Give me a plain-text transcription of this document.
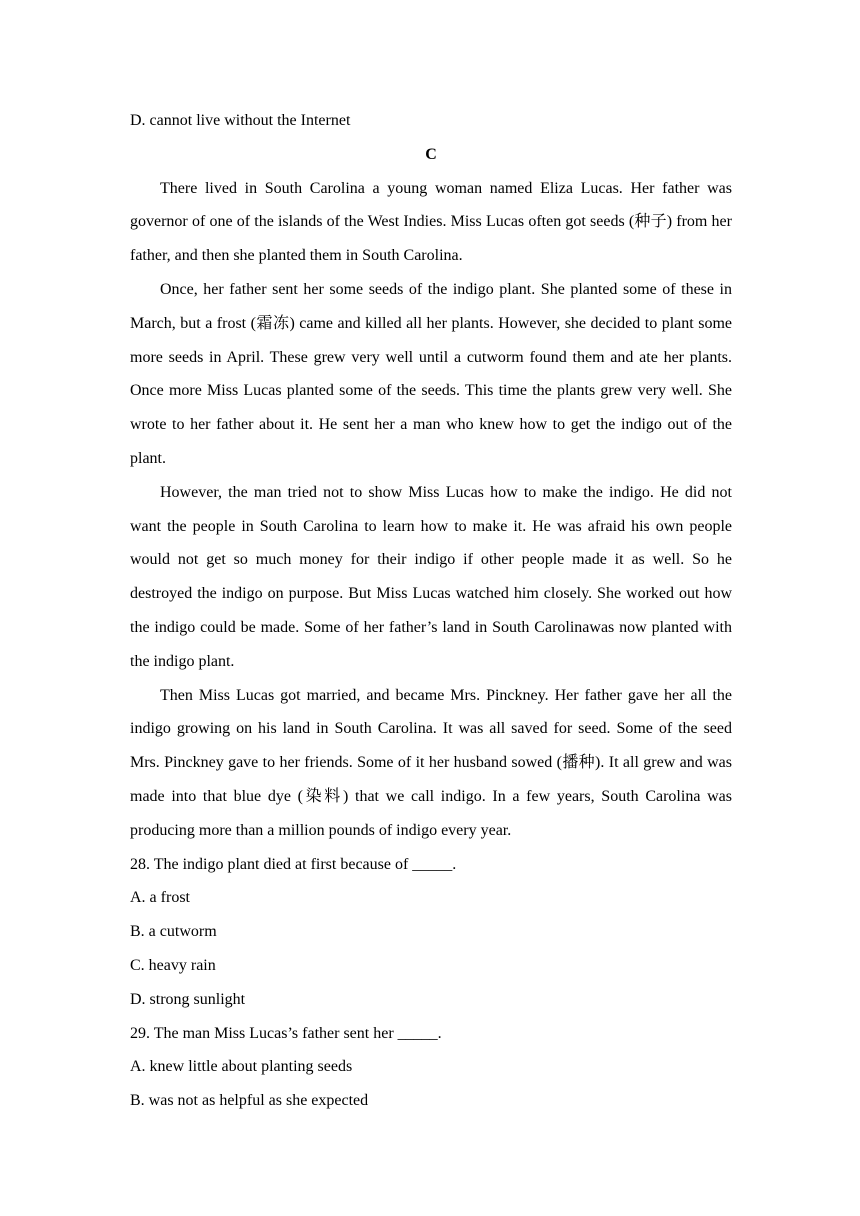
D. cannot live without the Internet

C

There lived in South Carolina a young woman named Eliza Lucas. Her father was governor of one of the islands of the West Indies. Miss Lucas often got seeds (种子) from her father, and then she planted them in South Carolina.

Once, her father sent her some seeds of the indigo plant. She planted some of these in March, but a frost (霜冻) came and killed all her plants. However, she decided to plant some more seeds in April. These grew very well until a cutworm found them and ate her plants. Once more Miss Lucas planted some of the seeds. This time the plants grew very well. She wrote to her father about it. He sent her a man who knew how to get the indigo out of the plant.

However, the man tried not to show Miss Lucas how to make the indigo. He did not want the people in South Carolina to learn how to make it. He was afraid his own people would not get so much money for their indigo if other people made it as well. So he destroyed the indigo on purpose. But Miss Lucas watched him closely. She worked out how the indigo could be made. Some of her father’s land in South Carolinawas now planted with the indigo plant.

Then Miss Lucas got married, and became Mrs. Pinckney. Her father gave her all the indigo growing on his land in South Carolina. It was all saved for seed. Some of the seed Mrs. Pinckney gave to her friends. Some of it her husband sowed (播种). It all grew and was made into that blue dye (染料) that we call indigo. In a few years, South Carolina was producing more than a million pounds of indigo every year.

28. The indigo plant died at first because of _____.

A. a frost

B. a cutworm

C. heavy rain

D. strong sunlight

29. The man Miss Lucas’s father sent her _____.

A. knew little about planting seeds

B. was not as helpful as she expected
